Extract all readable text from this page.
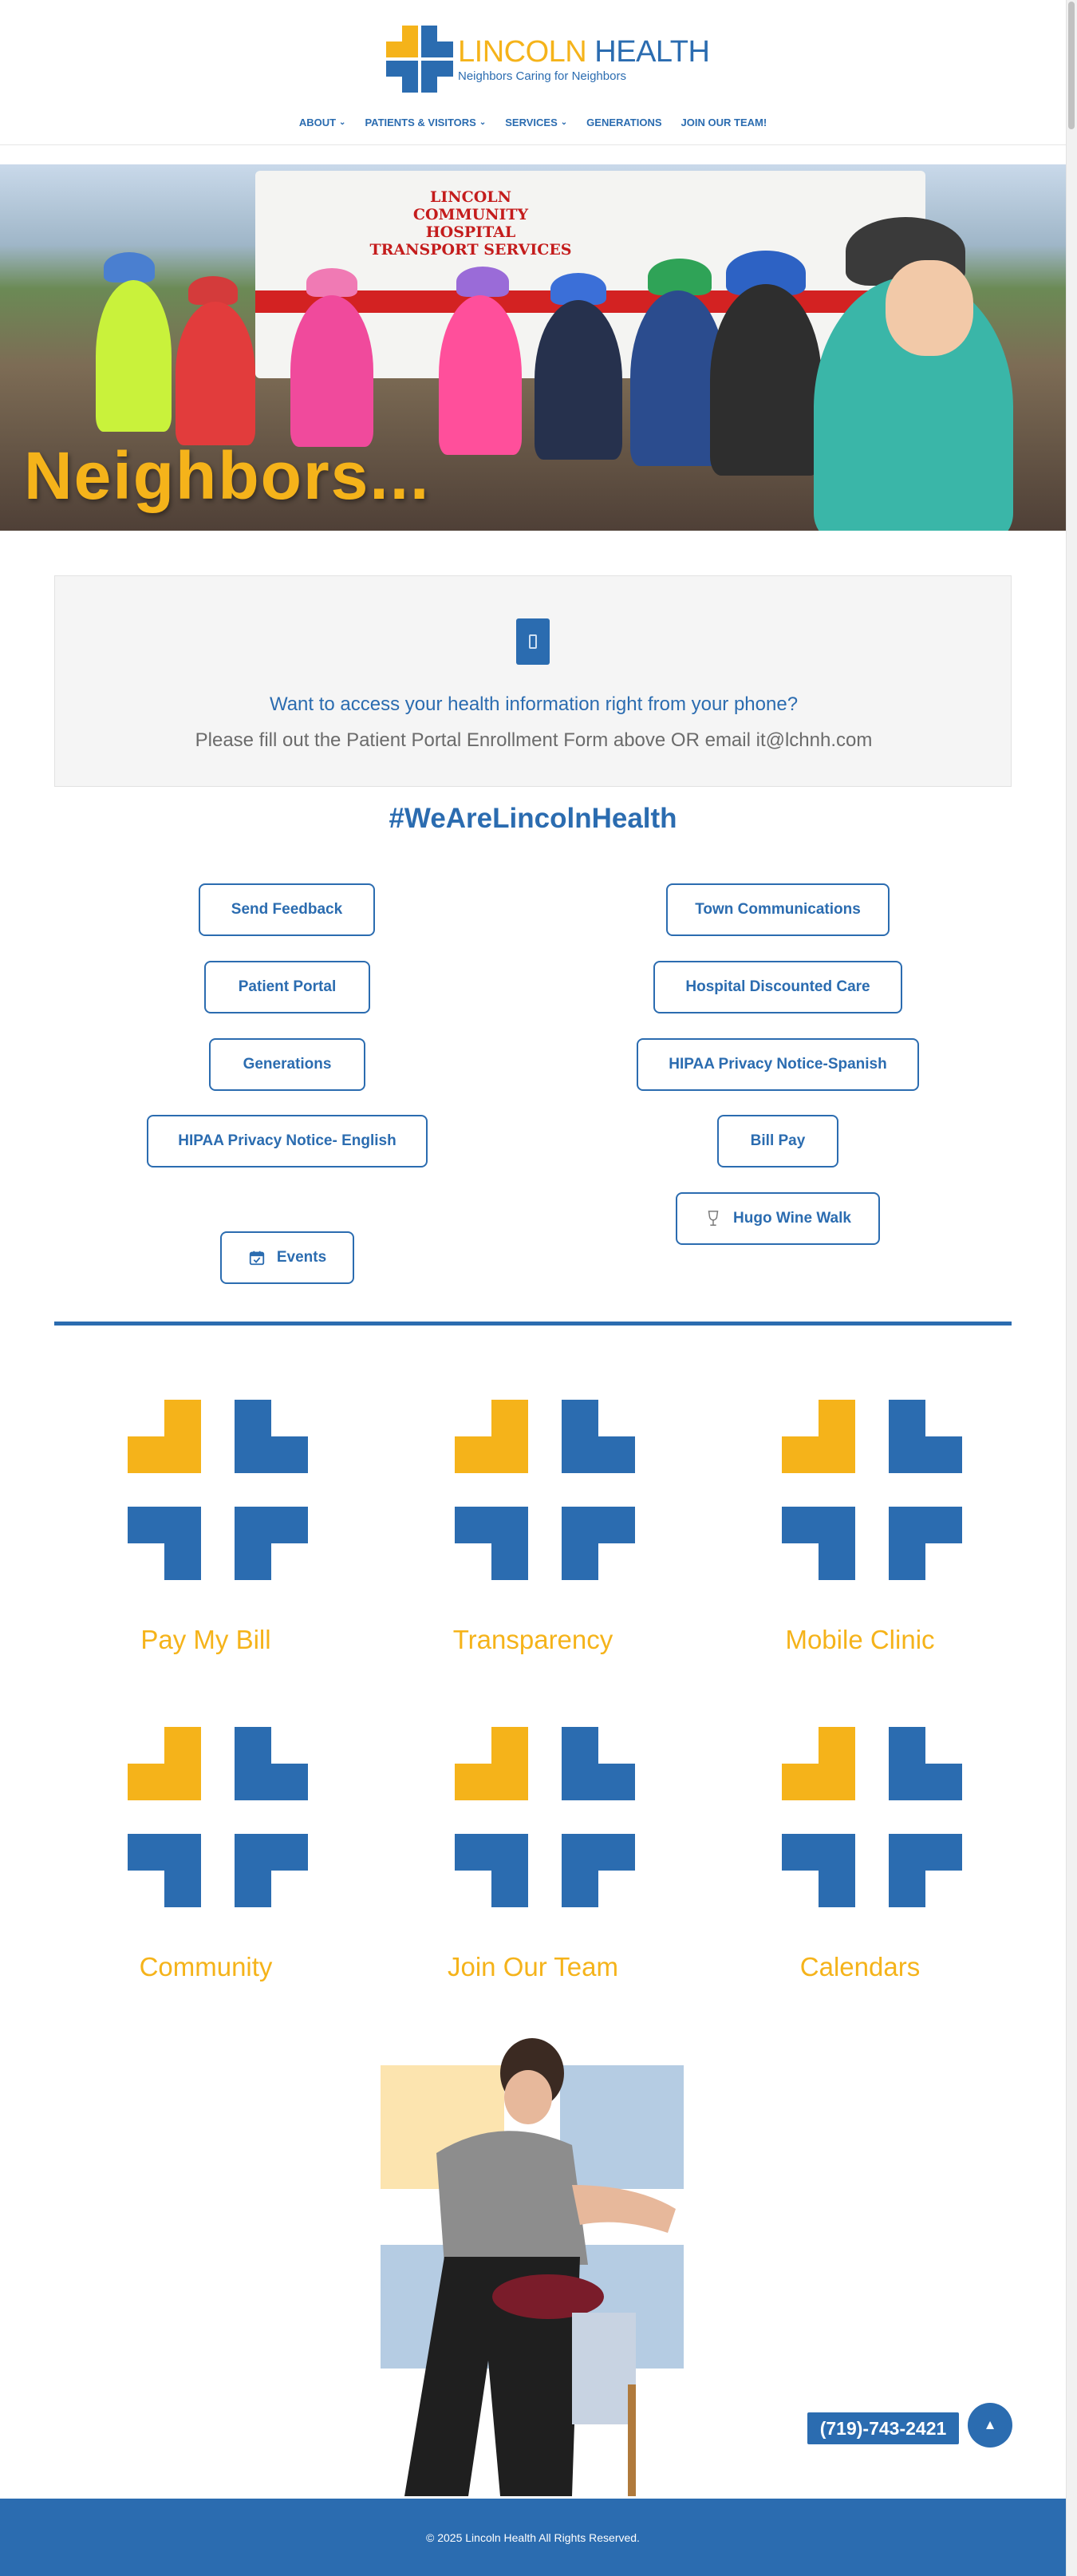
LINCOLN HEALTH
Neighbors Caring for Neighbors
ABOUT ⌄ PATIENTS & VISITORS ⌄ SERVICES ⌄ GENERATIONS JOIN OUR TEAM!
LINCOLN
COMMUNITY HOSPITAL
TRANSPORT SERVICES
Neighbors...
Want to access your health information right from your phone?
Please fill out the Patient Portal Enrollment Form above OR email it@lchnh.com
#WeAreLincolnHealth
Send Feedback
Patient Portal
Generations
HIPAA Privacy Notice- English
Events
Town Communications
Hospital Discounted Care
HIPAA Privacy Notice-Spanish
Bill Pay
Hugo Wine Walk
Pay My Bill	Transparency	Mobile Clinic
Community	Join Our Team	Calendars
(719)-743-2421	▲
© 2025 Lincoln Health All Rights Reserved.
